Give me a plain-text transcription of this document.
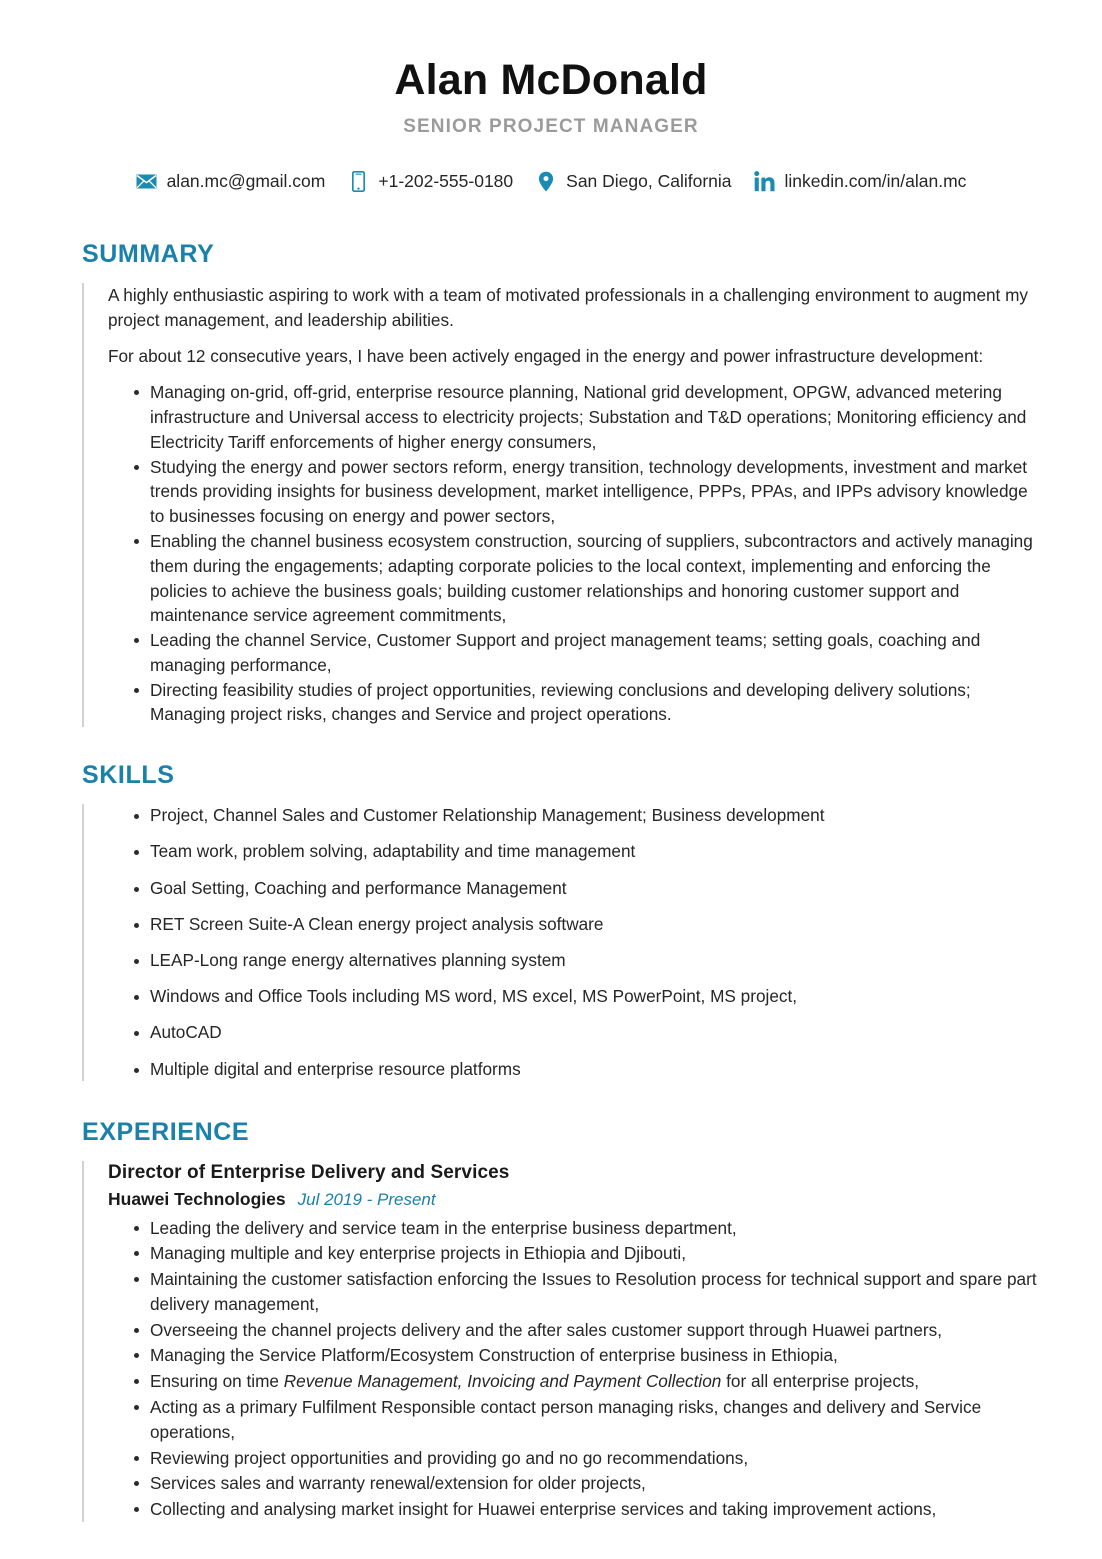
Alan McDonald
SENIOR PROJECT MANAGER
alan.mc@gmail.com	+1-202-555-0180	San Diego, California	linkedin.com/in/alan.mc
SUMMARY
A highly enthusiastic aspiring to work with a team of motivated professionals in a challenging environment to augment my project management, and leadership abilities.
For about 12 consecutive years, I have been actively engaged in the energy and power infrastructure development:
Managing on-grid, off-grid, enterprise resource planning, National grid development, OPGW, advanced metering infrastructure and Universal access to electricity projects; Substation and T&D operations; Monitoring efficiency and Electricity Tariff enforcements of higher energy consumers,
Studying the energy and power sectors reform, energy transition, technology developments, investment and market trends providing insights for business development, market intelligence, PPPs, PPAs, and IPPs advisory knowledge to businesses focusing on energy and power sectors,
Enabling the channel business ecosystem construction, sourcing of suppliers, subcontractors and actively managing them during the engagements; adapting corporate policies to the local context, implementing and enforcing the policies to achieve the business goals; building customer relationships and honoring customer support and maintenance service agreement commitments,
Leading the channel Service, Customer Support and project management teams; setting goals, coaching and managing performance,
Directing feasibility studies of project opportunities, reviewing conclusions and developing delivery solutions; Managing project risks, changes and Service and project operations.
SKILLS
Project, Channel Sales and Customer Relationship Management; Business development
Team work, problem solving, adaptability and time management
Goal Setting, Coaching and performance Management
RET Screen Suite-A Clean energy project analysis software
LEAP-Long range energy alternatives planning system
Windows and Office Tools including MS word, MS excel, MS PowerPoint, MS project,
AutoCAD
Multiple digital and enterprise resource platforms
EXPERIENCE
Director of Enterprise Delivery and Services
Huawei Technologies Jul 2019 - Present
Leading the delivery and service team in the enterprise business department,
Managing multiple and key enterprise projects in Ethiopia and Djibouti,
Maintaining the customer satisfaction enforcing the Issues to Resolution process for technical support and spare part delivery management,
Overseeing the channel projects delivery and the after sales customer support through Huawei partners,
Managing the Service Platform/Ecosystem Construction of enterprise business in Ethiopia,
Ensuring on time Revenue Management, Invoicing and Payment Collection for all enterprise projects,
Acting as a primary Fulfilment Responsible contact person managing risks, changes and delivery and Service operations,
Reviewing project opportunities and providing go and no go recommendations,
Services sales and warranty renewal/extension for older projects,
Collecting and analysing market insight for Huawei enterprise services and taking improvement actions,
